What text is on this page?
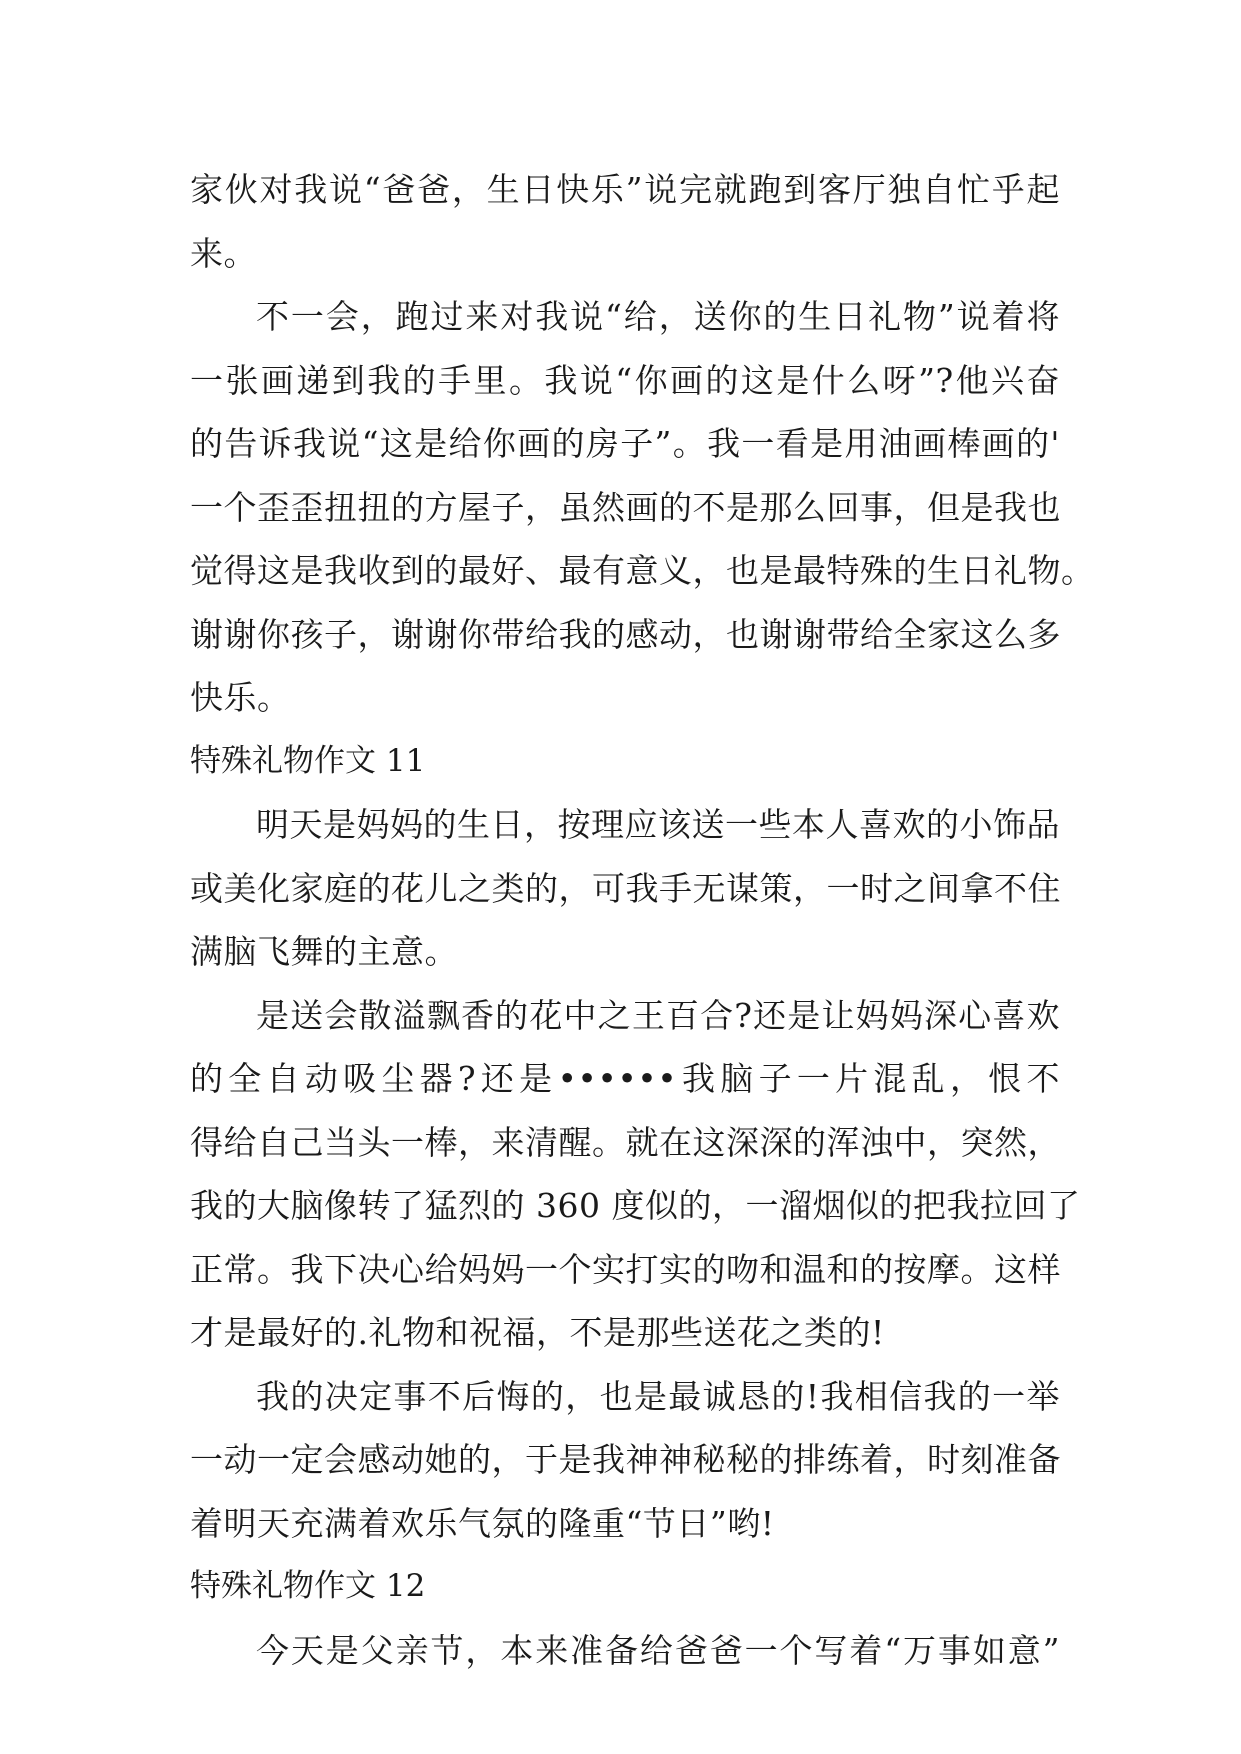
家伙对我说“爸爸，生日快乐”说完就跑到客厅独自忙乎起
来。
不一会，跑过来对我说“给，送你的生日礼物”说着将
一张画递到我的手里。我说“你画的这是什么呀”?他兴奋
的告诉我说“这是给你画的房子”。我一看是用油画棒画的'
一个歪歪扭扭的方屋子，虽然画的不是那么回事，但是我也
觉得这是我收到的最好、最有意义，也是最特殊的生日礼物。
谢谢你孩子，谢谢你带给我的感动，也谢谢带给全家这么多
快乐。
特殊礼物作文 11
明天是妈妈的生日，按理应该送一些本人喜欢的小饰品
或美化家庭的花儿之类的，可我手无谋策，一时之间拿不住
满脑飞舞的主意。
是送会散溢飘香的花中之王百合?还是让妈妈深心喜欢
的全自动吸尘器?还是••••••我脑子一片混乱，恨不
得给自己当头一棒，来清醒。就在这深深的浑浊中，突然，
我的大脑像转了猛烈的 360 度似的，一溜烟似的把我拉回了
正常。我下决心给妈妈一个实打实的吻和温和的按摩。这样
才是最好的.礼物和祝福，不是那些送花之类的!
我的决定事不后悔的，也是最诚恳的!我相信我的一举
一动一定会感动她的，于是我神神秘秘的排练着，时刻准备
着明天充满着欢乐气氛的隆重“节日”哟!
特殊礼物作文 12
今天是父亲节，本来准备给爸爸一个写着“万事如意”
